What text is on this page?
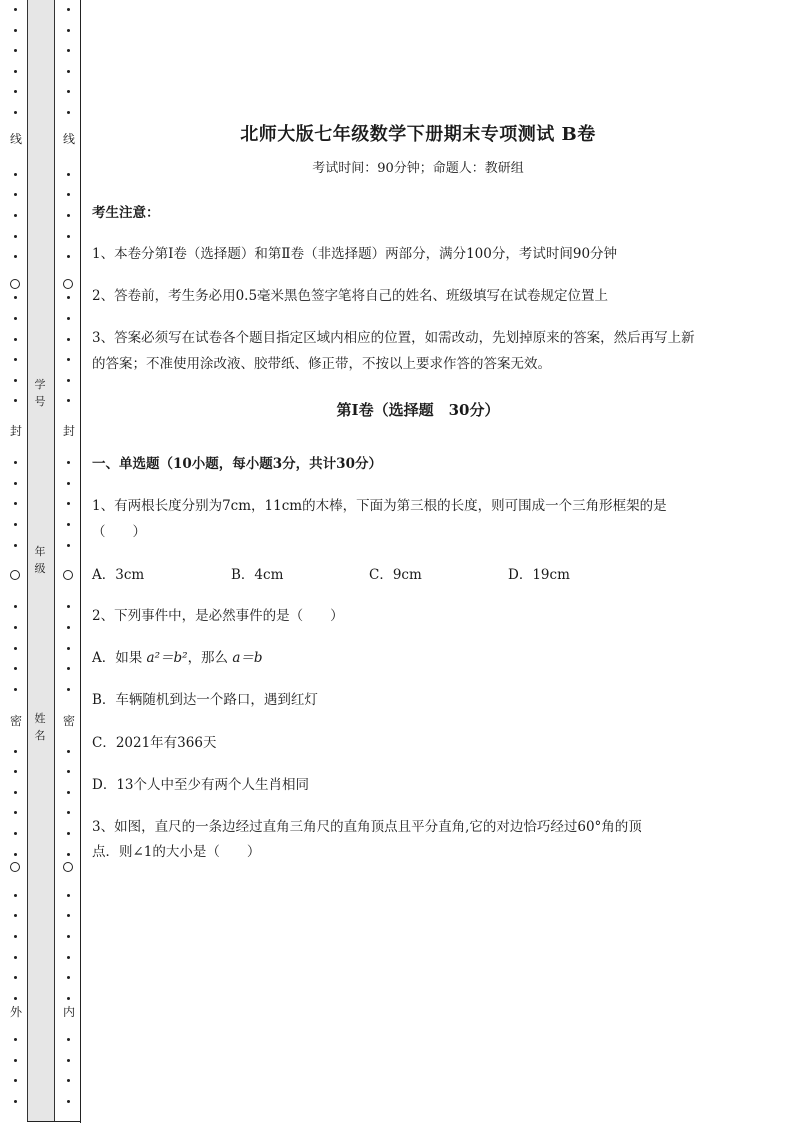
线
封
密
外
线
封
密
内
学号
年级
姓名
北师大版七年级数学下册期末专项测试 B卷
考试时间：90分钟；命题人：教研组
考生注意：
1、本卷分第I卷（选择题）和第Ⅱ卷（非选择题）两部分，满分100分，考试时间90分钟
2、答卷前，考生务必用0.5毫米黑色签字笔将自己的姓名、班级填写在试卷规定位置上
3、答案必须写在试卷各个题目指定区域内相应的位置，如需改动，先划掉原来的答案，然后再写上新
的答案；不准使用涂改液、胶带纸、修正带，不按以上要求作答的答案无效。
第I卷（选择题　30分）
一、单选题（10小题，每小题3分，共计30分）
1、有两根长度分别为7cm，11cm的木棒，下面为第三根的长度，则可围成一个三角形框架的是
（　　）
A．3cm	B．4cm	C．9cm	D．19cm
2、下列事件中，是必然事件的是（　　）
A．如果 a²＝b²，那么 a＝b
B．车辆随机到达一个路口，遇到红灯
C．2021年有366天
D．13个人中至少有两个人生肖相同
3、如图，直尺的一条边经过直角三角尺的直角顶点且平分直角,它的对边恰巧经过60°角的顶
点．则∠1的大小是（　　）
